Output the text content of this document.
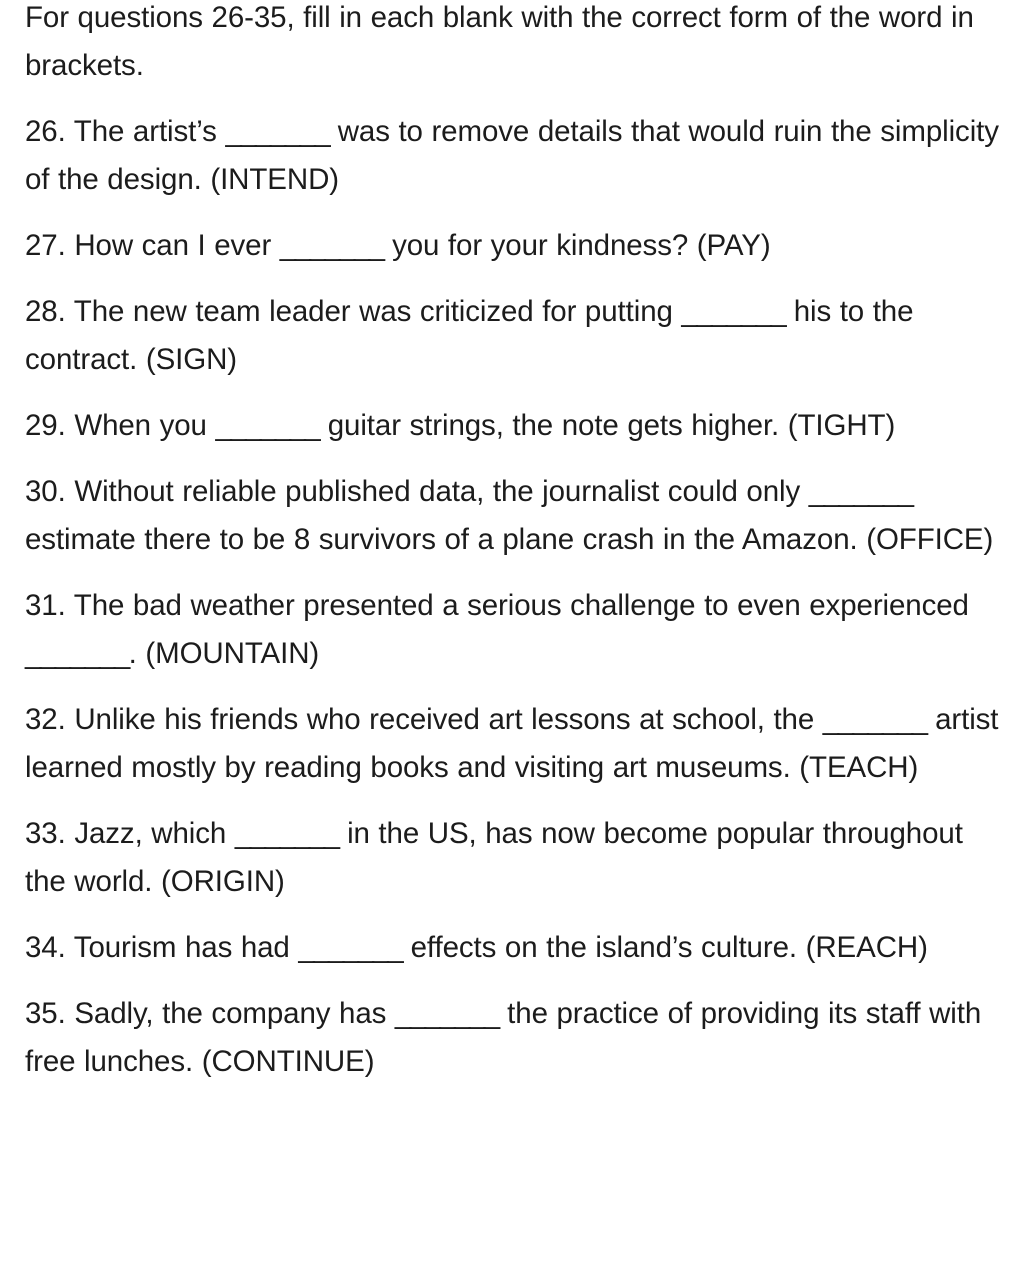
For questions 26-35, fill in each blank with the correct form of the word in brackets.

26. The artist’s _______ was to remove details that would ruin the simplicity of the design. (INTEND)

27. How can I ever _______ you for your kindness? (PAY)

28. The new team leader was criticized for putting _______ his to the contract. (SIGN)

29. When you _______ guitar strings, the note gets higher. (TIGHT)

30. Without reliable published data, the journalist could only _______ estimate there to be 8 survivors of a plane crash in the Amazon. (OFFICE)

31. The bad weather presented a serious challenge to even experienced _______. (MOUNTAIN)

32. Unlike his friends who received art lessons at school, the _______ artist learned mostly by reading books and visiting art museums. (TEACH)

33. Jazz, which _______ in the US, has now become popular throughout the world. (ORIGIN)

34. Tourism has had _______ effects on the island’s culture. (REACH)

35. Sadly, the company has _______ the practice of providing its staff with free lunches. (CONTINUE)
